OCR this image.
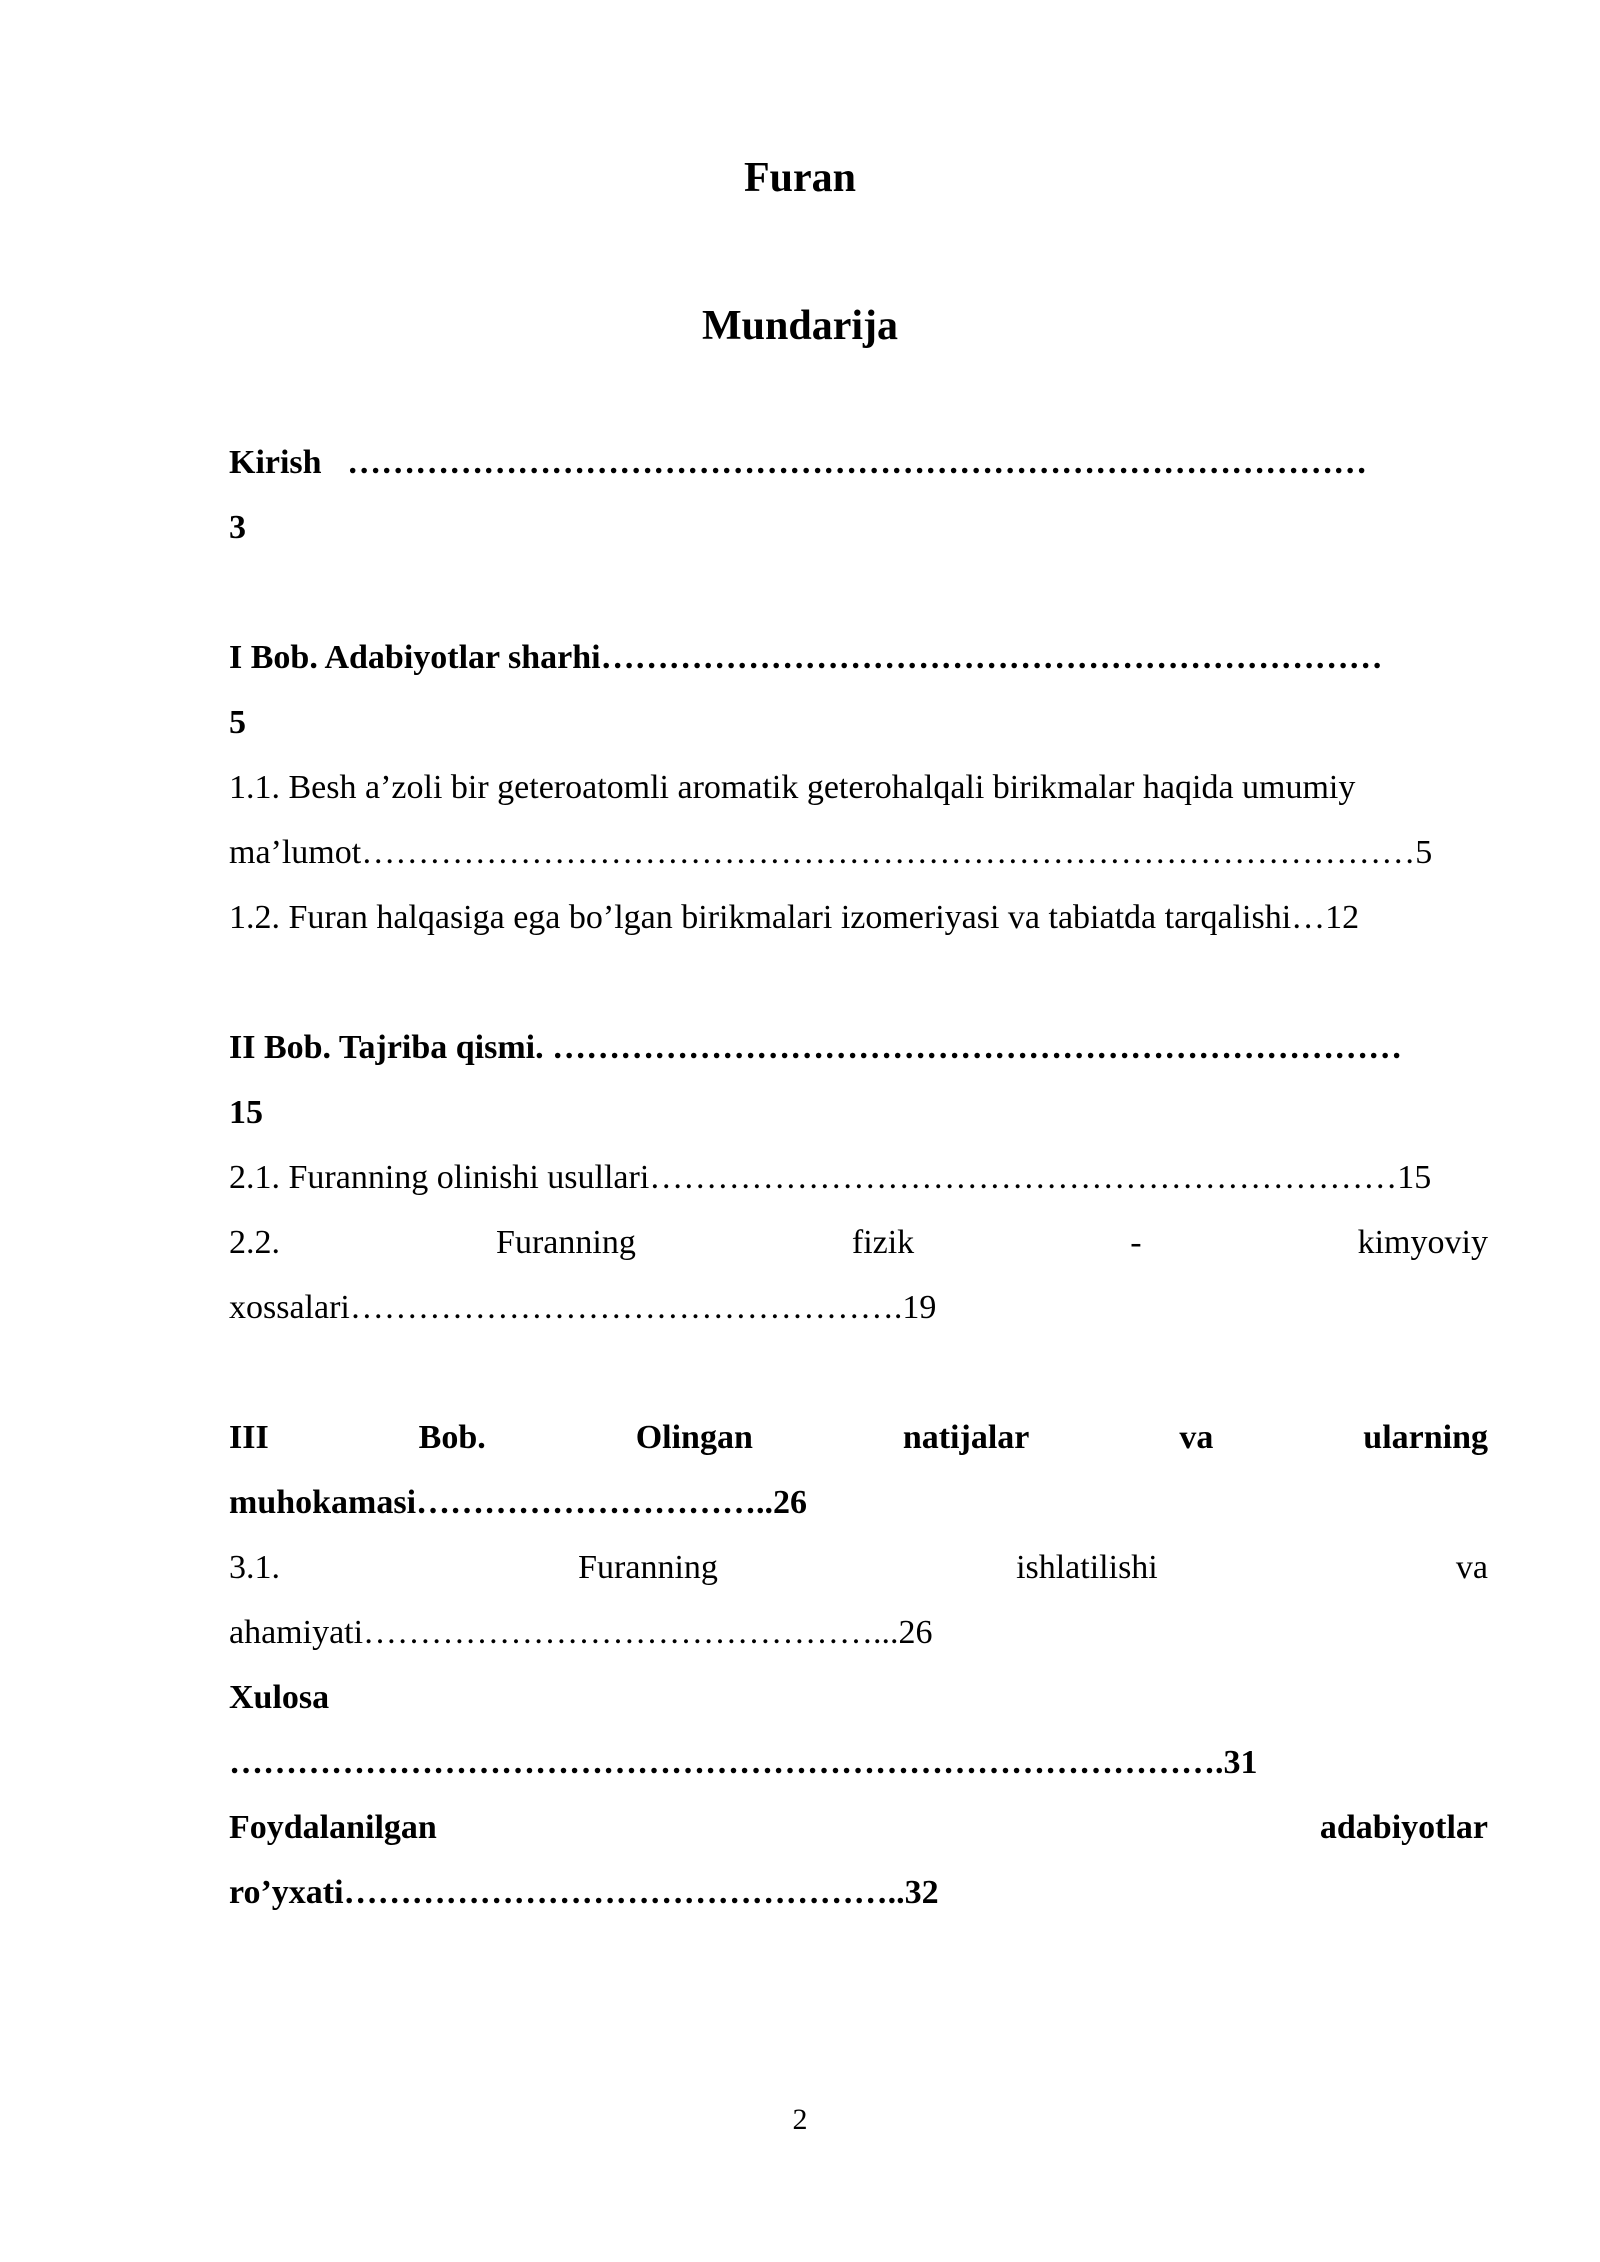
Furan
Mundarija
Kirish ………………………………………………………………………………
3
I Bob. Adabiyotlar sharhi……………………………………………………………
5
1.1. Besh a’zoli bir geteroatomli aromatik geterohalqali birikmalar haqida umumiy
ma’lumot…………………………………………………………………………………5
1.2. Furan halqasiga ega bo’lgan birikmalari izomeriyasi va tabiatda tarqalishi…12
II Bob. Tajriba qismi. …………………………………………………………………
15
2.1. Furanning olinishi usullari…………………………………………………………15
2.2.	Furanning	fizik	-	kimyoviy
xossalari………………………………………….19
III	Bob.	Olingan	natijalar	va	ularning
muhokamasi…………………………..26
3.1.	Furanning	ishlatilishi	va
ahamiyati………………………………………...26
Xulosa
…………………………………………………………………………….31
Foydalanilgan	adabiyotlar
ro’yxati…………………………………………..32
2
